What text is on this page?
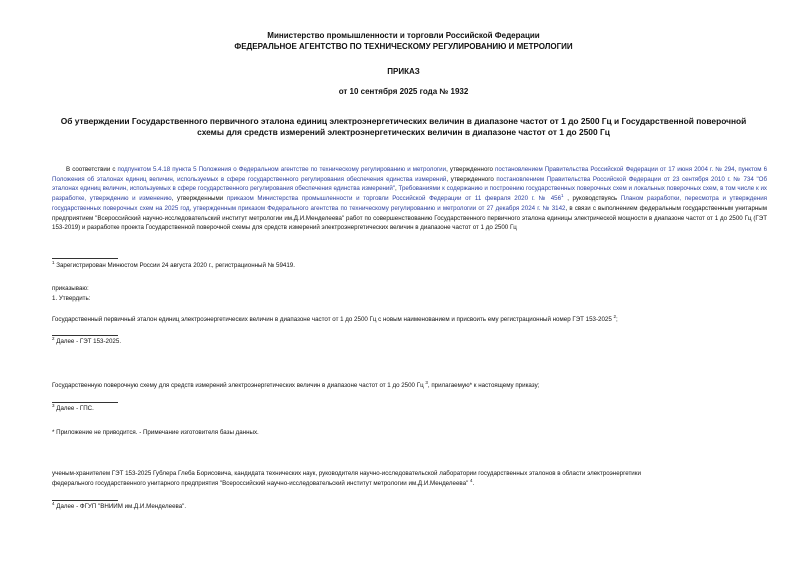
Министерство промышленности и торговли Российской Федерации
ФЕДЕРАЛЬНОЕ АГЕНТСТВО ПО ТЕХНИЧЕСКОМУ РЕГУЛИРОВАНИЮ И МЕТРОЛОГИИ
ПРИКАЗ
от 10 сентября 2025 года № 1932
Об утверждении Государственного первичного эталона единиц электроэнергетических величин в диапазоне частот от 1 до 2500 Гц и Государственной поверочной
схемы для средств измерений электроэнергетических величин в диапазоне частот от 1 до 2500 Гц
В соответствии с подпунктом 5.4.18 пункта 5 Положения о Федеральном агентстве по техническому регулированию и метрологии, утвержденного постановлением Правительства Российской Федерации от 17 июня 2004 г. № 294, пунктом 6 Положения об эталонах единиц величин, используемых в сфере государственного регулирования обеспечения единства измерений, утвержденного постановлением Правительства Российской Федерации от 23 сентября 2010 г. № 734 "Об эталонах единиц величин, используемых в сфере государственного регулирования обеспечения единства измерений", Требованиями к содержанию и построению государственных поверочных схем и локальных поверочных схем, в том числе к их разработке, утверждению и изменению, утвержденными приказом Министерства промышленности и торговли Российской Федерации от 11 февраля 2020 г. № $456^1$ , руководствуясь Планом разработки, пересмотра и утверждения государственных поверочных схем на 2025 год, утвержденным приказом Федерального агентства по техническому регулированию и метрологии от 27 декабря 2024 г. № 3142, в связи с выполнением федеральным государственным унитарным предприятием "Всероссийский научно-исследовательский институт метрологии им.Д.И.Менделеева" работ по совершенствованию Государственного первичного эталона единицы электрической мощности в диапазоне частот от 1 до 2500 Гц (ГЭТ 153-2019) и разработке проекта Государственной поверочной схемы для средств измерений электроэнергетических величин в диапазоне частот от 1 до 2500 Гц
$^1$ Зарегистрирован Минюстом России 24 августа 2020 г., регистрационный № 59419.
приказываю:
1. Утвердить:
Государственный первичный эталон единиц электроэнергетических величин в диапазоне частот от 1 до 2500 Гц с новым наименованием и присвоить ему регистрационный номер ГЭТ 153-2025 $^2$;
$^2$ Далее - ГЭТ 153-2025.
Государственную поверочную схему для средств измерений электроэнергетических величин в диапазоне частот от 1 до 2500 Гц $^3$, прилагаемую* к настоящему приказу;
$^3$ Далее - ГПС.
* Приложение не приводится. - Примечание изготовителя базы данных.
ученым-хранителем ГЭТ 153-2025 Гублера Глеба Борисовича, кандидата технических наук, руководителя научно-исследовательской лаборатории государственных эталонов в области электроэнергетики
федерального государственного унитарного предприятия "Всероссийский научно-исследовательский институт метрологии им.Д.И.Менделеева" $^4$.
$^4$ Далее - ФГУП "ВНИИМ им.Д.И.Менделеева".
